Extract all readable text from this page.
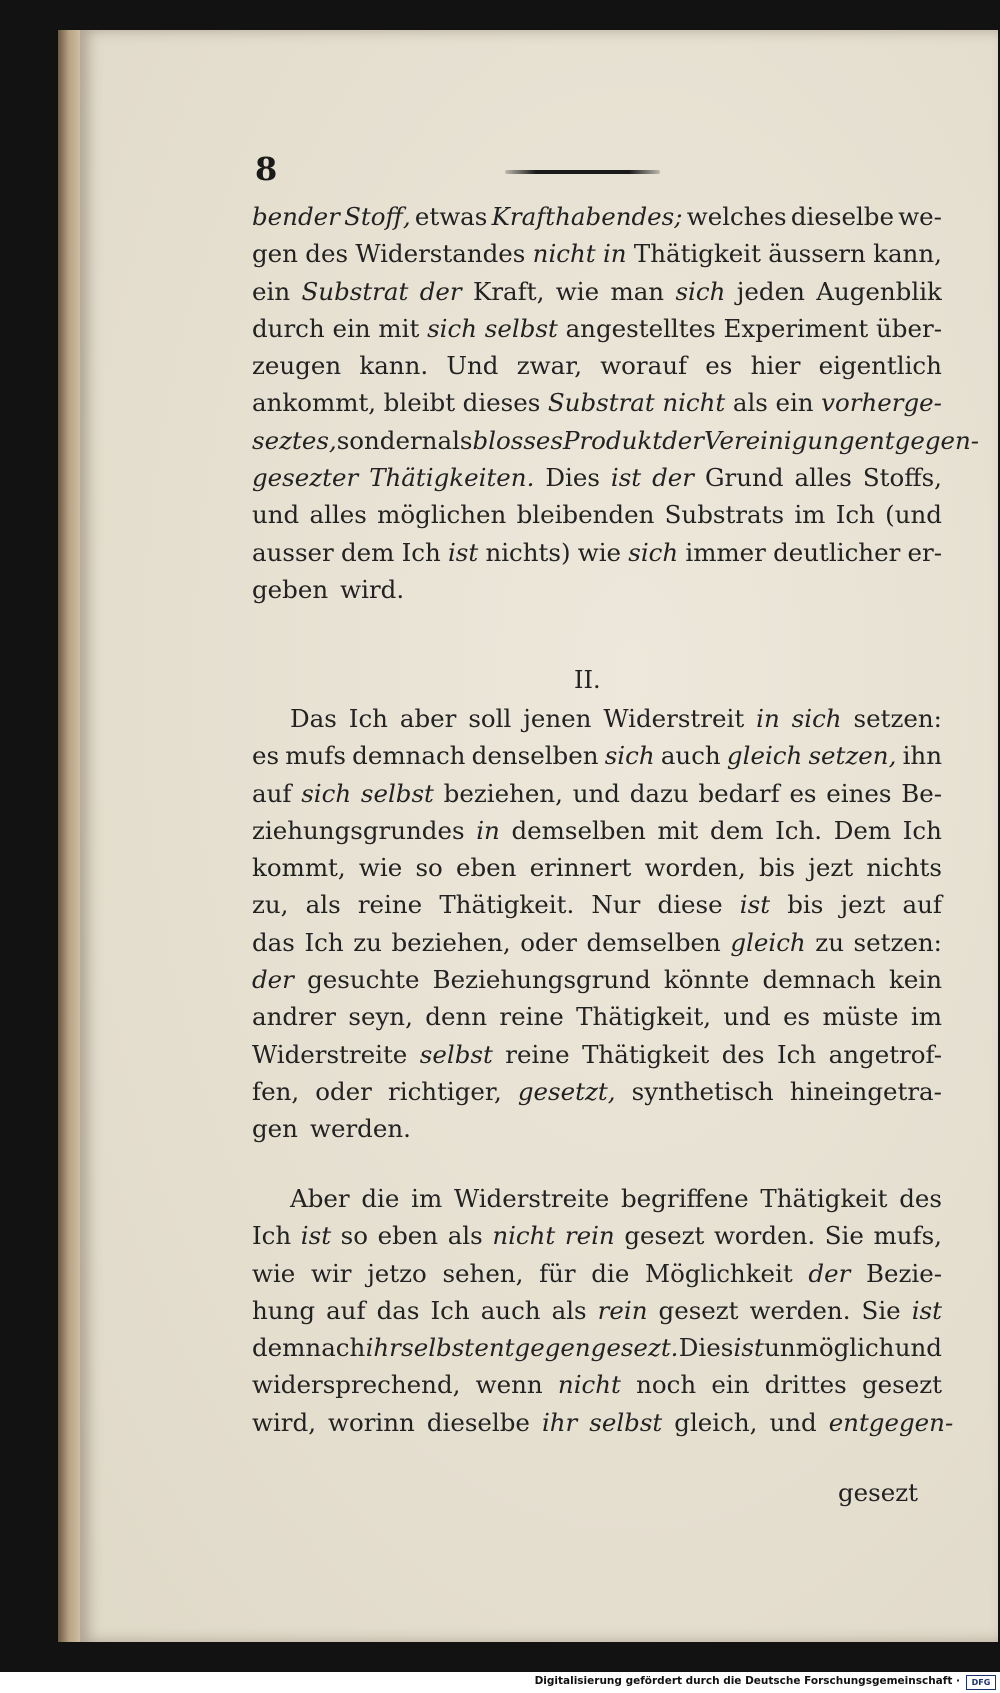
8
bender Stoff, etwas Krafthabendes; welches dieselbe we-
gen des Widerstandes nicht in Thätigkeit äussern kann,
ein Substrat der Kraft, wie man sich jeden Augenblik
durch ein mit sich selbst angestelltes Experiment über-
zeugen kann. Und zwar, worauf es hier eigentlich
ankommt, bleibt dieses Substrat nicht als ein vorherge-
seztes, sondern als blosses Produkt der Vereinigung entgegen-
gesezter Thätigkeiten. Dies ist der Grund alles Stoffs,
und alles möglichen bleibenden Substrats im Ich (und
ausser dem Ich ist nichts) wie sich immer deutlicher er-
geben wird.
II.
Das Ich aber soll jenen Widerstreit in sich setzen:
es mufs demnach denselben sich auch gleich setzen, ihn
auf sich selbst beziehen, und dazu bedarf es eines Be-
ziehungsgrundes in demselben mit dem Ich. Dem Ich
kommt, wie so eben erinnert worden, bis jezt nichts
zu, als reine Thätigkeit. Nur diese ist bis jezt auf
das Ich zu beziehen, oder demselben gleich zu setzen:
der gesuchte Beziehungsgrund könnte demnach kein
andrer seyn, denn reine Thätigkeit, und es müste im
Widerstreite selbst reine Thätigkeit des Ich angetrof-
fen, oder richtiger, gesetzt, synthetisch hineingetra-
gen werden.
Aber die im Widerstreite begriffene Thätigkeit des
Ich ist so eben als nicht rein gesezt worden. Sie mufs,
wie wir jetzo sehen, für die Möglichkeit der Bezie-
hung auf das Ich auch als rein gesezt werden. Sie ist
demnach ihr selbst entgegengesezt. Dies ist unmöglich und
widersprechend, wenn nicht noch ein drittes gesezt
wird, worinn dieselbe ihr selbst gleich, und entgegen-
gesezt
Digitalisierung gefördert durch die Deutsche Forschungsgemeinschaft ·	DFG
